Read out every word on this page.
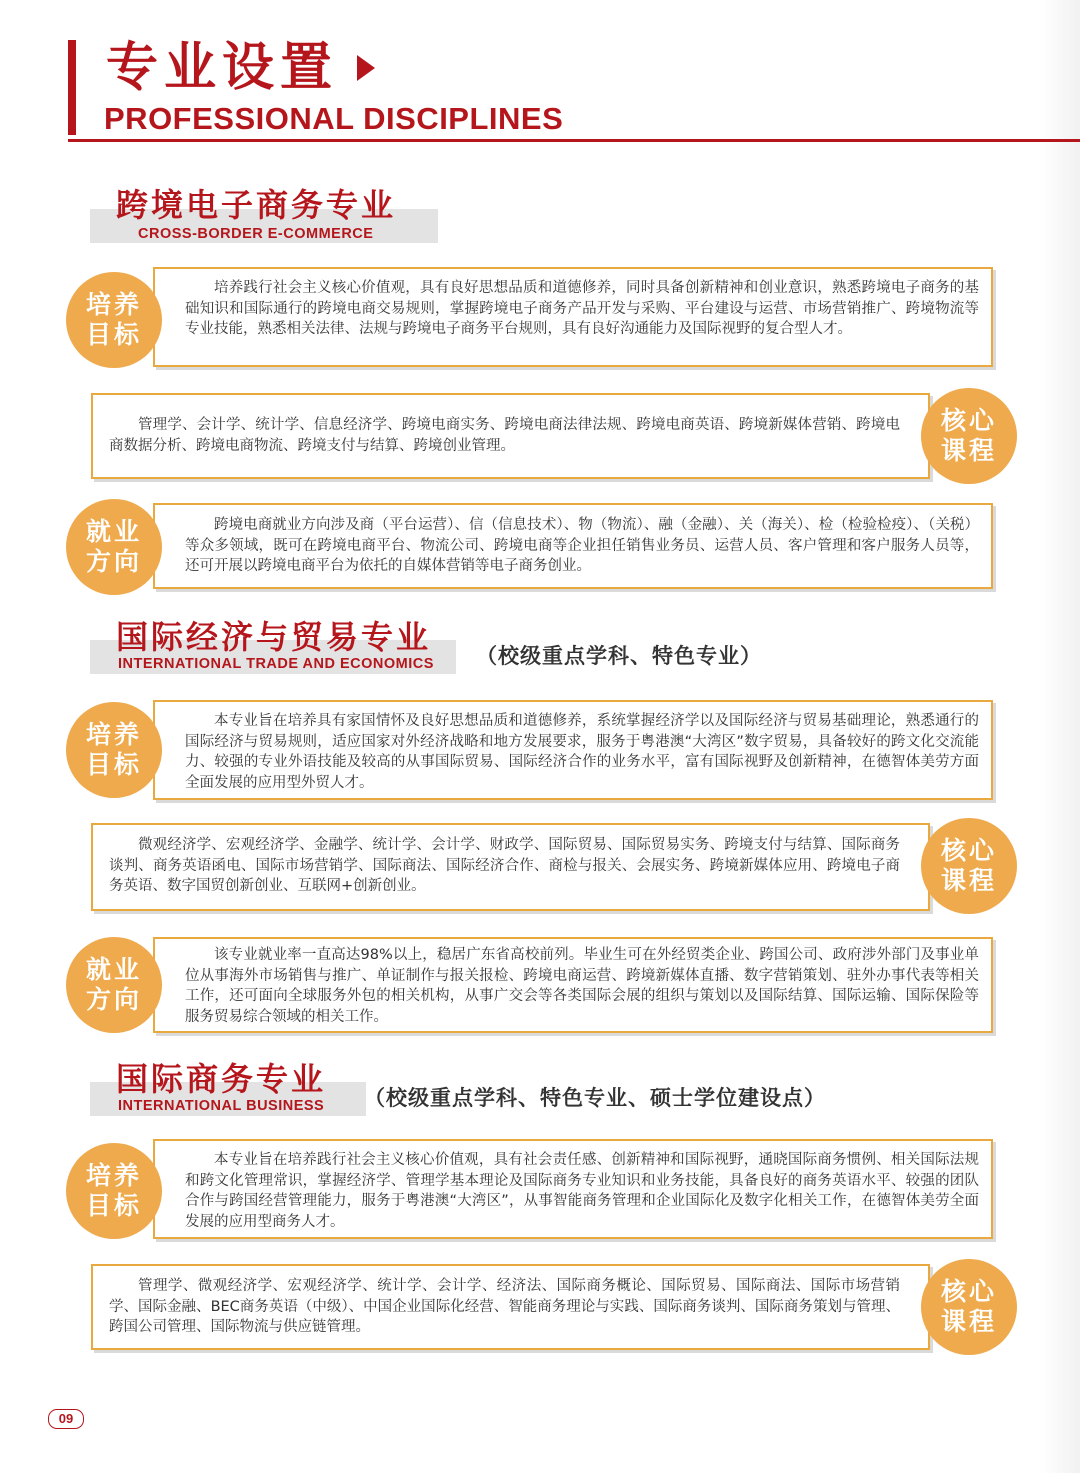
专业设置
PROFESSIONAL DISCIPLINES
跨境电子商务专业
CROSS-BORDER E-COMMERCE

培养践行社会主义核心价值观，具有良好思想品质和道德修养，同时具备创新精神和创业意识，熟悉跨境电子商务的基础知识和国际通行的跨境电商交易规则，掌握跨境电子商务产品开发与采购、平台建设与运营、市场营销推广、跨境物流等专业技能，熟悉相关法律、法规与跨境电子商务平台规则，具有良好沟通能力及国际视野的复合型人才。

培养
目标

管理学、会计学、统计学、信息经济学、跨境电商实务、跨境电商法律法规、跨境电商英语、跨境新媒体营销、跨境电商数据分析、跨境电商物流、跨境支付与结算、跨境创业管理。

核心
课程

跨境电商就业方向涉及商（平台运营）、信（信息技术）、物（物流）、融（金融）、关（海关）、检（检验检疫）、（关税）等众多领域，既可在跨境电商平台、物流公司、跨境电商等企业担任销售业务员、运营人员、客户管理和客户服务人员等，还可开展以跨境电商平台为依托的自媒体营销等电子商务创业。

就业
方向
国际经济与贸易专业
INTERNATIONAL TRADE AND ECONOMICS （校级重点学科、特色专业）

本专业旨在培养具有家国情怀及良好思想品质和道德修养，系统掌握经济学以及国际经济与贸易基础理论，熟悉通行的国际经济与贸易规则，适应国家对外经济战略和地方发展要求，服务于粤港澳“大湾区”数字贸易，具备较好的跨文化交流能力、较强的专业外语技能及较高的从事国际贸易、国际经济合作的业务水平，富有国际视野及创新精神，在德智体美劳方面全面发展的应用型外贸人才。

培养
目标

微观经济学、宏观经济学、金融学、统计学、会计学、财政学、国际贸易、国际贸易实务、跨境支付与结算、国际商务谈判、商务英语函电、国际市场营销学、国际商法、国际经济合作、商检与报关、会展实务、跨境新媒体应用、跨境电子商务英语、数字国贸创新创业、互联网+创新创业。

核心
课程

该专业就业率一直高达98%以上，稳居广东省高校前列。毕业生可在外经贸类企业、跨国公司、政府涉外部门及事业单位从事海外市场销售与推广、单证制作与报关报检、跨境电商运营、跨境新媒体直播、数字营销策划、驻外办事代表等相关工作，还可面向全球服务外包的相关机构，从事广交会等各类国际会展的组织与策划以及国际结算、国际运输、国际保险等服务贸易综合领域的相关工作。

就业
方向
国际商务专业
INTERNATIONAL BUSINESS （校级重点学科、特色专业、硕士学位建设点）

本专业旨在培养践行社会主义核心价值观，具有社会责任感、创新精神和国际视野，通晓国际商务惯例、相关国际法规和跨文化管理常识，掌握经济学、管理学基本理论及国际商务专业知识和业务技能，具备良好的商务英语水平、较强的团队合作与跨国经营管理能力，服务于粤港澳“大湾区”，从事智能商务管理和企业国际化及数字化相关工作，在德智体美劳全面发展的应用型商务人才。

培养
目标

管理学、微观经济学、宏观经济学、统计学、会计学、经济法、国际商务概论、国际贸易、国际商法、国际市场营销学、国际金融、BEC商务英语（中级）、中国企业国际化经营、智能商务理论与实践、国际商务谈判、国际商务策划与管理、跨国公司管理、国际物流与供应链管理。

核心
课程
09
